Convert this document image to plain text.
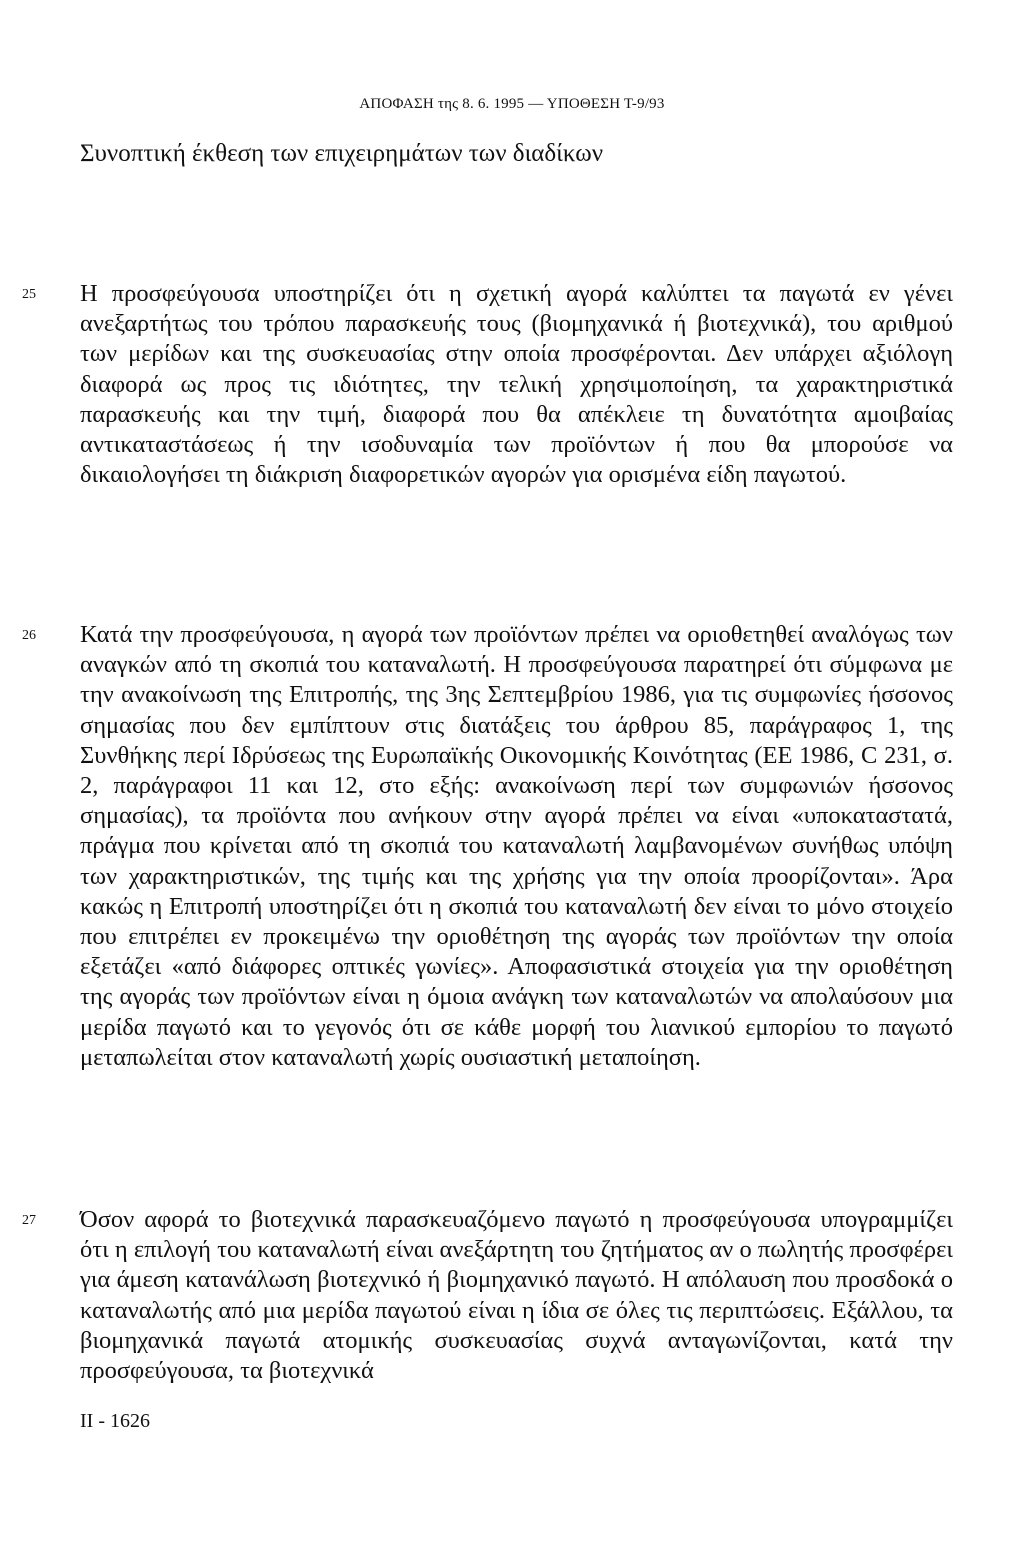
ΑΠΟΦΑΣΗ της 8. 6. 1995 — ΥΠΟΘΕΣΗ Τ-9/93
Συνοπτική έκθεση των επιχειρημάτων των διαδίκων
25	Η προσφεύγουσα υποστηρίζει ότι η σχετική αγορά καλύπτει τα παγωτά εν γένει ανεξαρτήτως του τρόπου παρασκευής τους (βιομηχανικά ή βιοτεχνικά), του αριθμού των μερίδων και της συσκευασίας στην οποία προσφέρονται. Δεν υπάρχει αξιόλογη διαφορά ως προς τις ιδιότητες, την τελική χρησιμοποίηση, τα χαρακτηριστικά παρασκευής και την τιμή, διαφορά που θα απέκλειε τη δυνατότητα αμοιβαίας αντικαταστάσεως ή την ισοδυναμία των προϊόντων ή που θα μπορούσε να δικαιολογήσει τη διάκριση διαφορετικών αγορών για ορισμένα είδη παγωτού.
26	Κατά την προσφεύγουσα, η αγορά των προϊόντων πρέπει να οριοθετηθεί αναλόγως των αναγκών από τη σκοπιά του καταναλωτή. Η προσφεύγουσα παρατηρεί ότι σύμφωνα με την ανακοίνωση της Επιτροπής, της 3ης Σεπτεμβρίου 1986, για τις συμφωνίες ήσσονος σημασίας που δεν εμπίπτουν στις διατάξεις του άρθρου 85, παράγραφος 1, της Συνθήκης περί Ιδρύσεως της Ευρωπαϊκής Οικονομικής Κοινότητας (ΕΕ 1986, C 231, σ. 2, παράγραφοι 11 και 12, στο εξής: ανακοίνωση περί των συμφωνιών ήσσονος σημασίας), τα προϊόντα που ανήκουν στην αγορά πρέπει να είναι «υποκαταστατά, πράγμα που κρίνεται από τη σκοπιά του καταναλωτή λαμβανομένων συνήθως υπόψη των χαρακτηριστικών, της τιμής και της χρήσης για την οποία προορίζονται». Άρα κακώς η Επιτροπή υποστηρίζει ότι η σκοπιά του καταναλωτή δεν είναι το μόνο στοιχείο που επιτρέπει εν προκειμένω την οριοθέτηση της αγοράς των προϊόντων την οποία εξετάζει «από διάφορες οπτικές γωνίες». Αποφασιστικά στοιχεία για την οριοθέτηση της αγοράς των προϊόντων είναι η όμοια ανάγκη των καταναλωτών να απολαύσουν μια μερίδα παγωτό και το γεγονός ότι σε κάθε μορφή του λιανικού εμπορίου το παγωτό μεταπωλείται στον καταναλωτή χωρίς ουσιαστική μεταποίηση.
27	Όσον αφορά το βιοτεχνικά παρασκευαζόμενο παγωτό η προσφεύγουσα υπογραμμίζει ότι η επιλογή του καταναλωτή είναι ανεξάρτητη του ζητήματος αν ο πωλητής προσφέρει για άμεση κατανάλωση βιοτεχνικό ή βιομηχανικό παγωτό. Η απόλαυση που προσδοκά ο καταναλωτής από μια μερίδα παγωτού είναι η ίδια σε όλες τις περιπτώσεις. Εξάλλου, τα βιομηχανικά παγωτά ατομικής συσκευασίας συχνά ανταγωνίζονται, κατά την προσφεύγουσα, τα βιοτεχνικά
II - 1626
